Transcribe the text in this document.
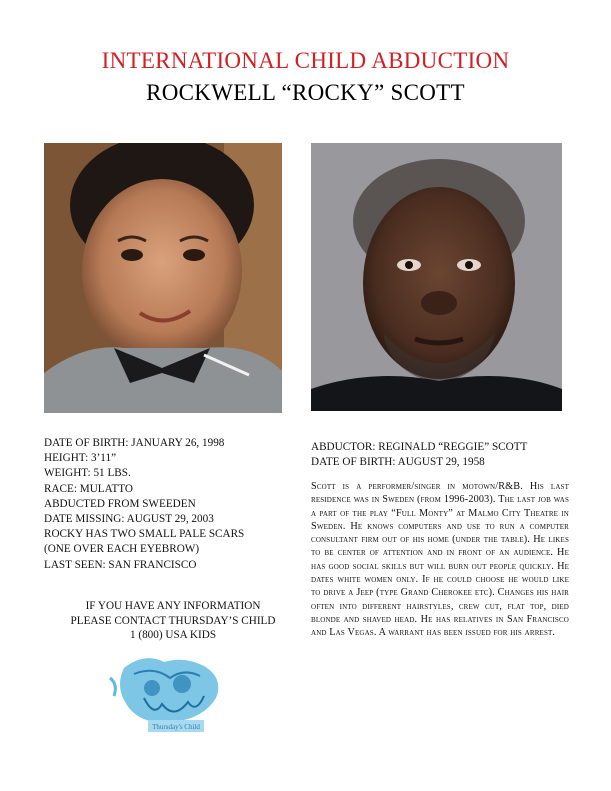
INTERNATIONAL CHILD ABDUCTION
ROCKWELL “ROCKY” SCOTT
DATE OF BIRTH: JANUARY 26, 1998
HEIGHT: 3’11”
WEIGHT: 51 LBS.
RACE: MULATTO
ABDUCTED FROM SWEEDEN
DATE MISSING: AUGUST 29, 2003
ROCKY HAS TWO SMALL PALE SCARS
(ONE OVER EACH EYEBROW)
LAST SEEN: SAN FRANCISCO
IF YOU HAVE ANY INFORMATION
PLEASE CONTACT THURSDAY’S CHILD
1 (800) USA KIDS
Thursday's Child
ABDUCTOR: REGINALD “REGGIE” SCOTT
DATE OF BIRTH: AUGUST 29, 1958
Scott is a performer/singer in motown/R&B. His last residence was in Sweden (from 1996-2003). The last job was a part of the play “Full Monty” at Malmo City Theatre in Sweden. He knows computers and use to run a computer consultant firm out of his home (under the table). He likes to be center of attention and in front of an audience. He has good social skills but will burn out people quickly. He dates white women only. If he could choose he would like to drive a Jeep (type Grand Cherokee etc). Changes his hair often into different hairstyles, crew cut, flat top, died blonde and shaved head. He has relatives in San Francisco and Las Vegas. A warrant has been issued for his arrest.
